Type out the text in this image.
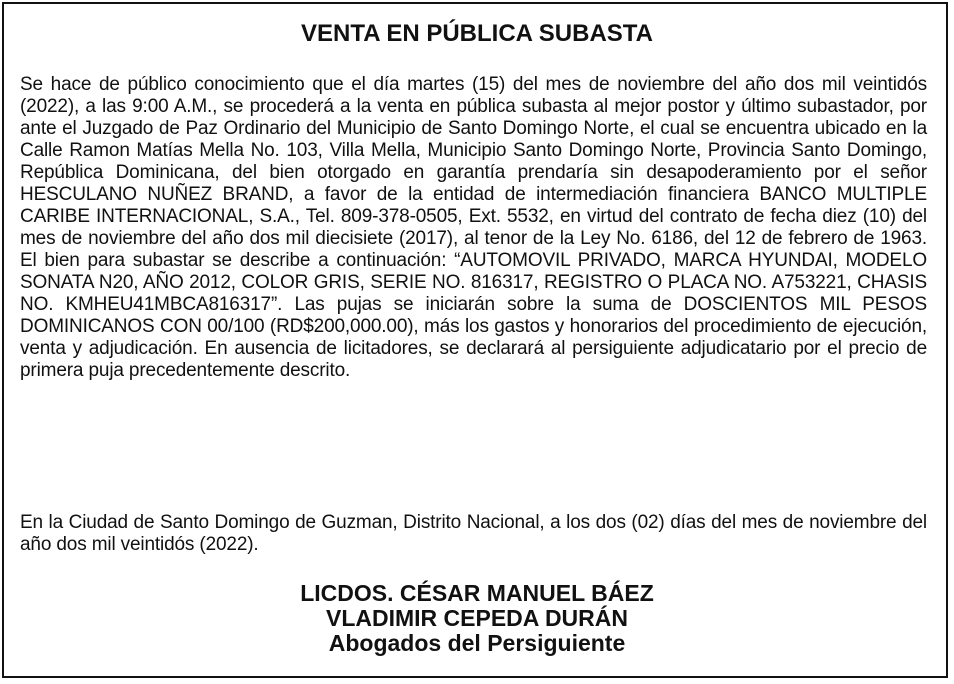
VENTA EN PÚBLICA SUBASTA
Se hace de público conocimiento que el día martes (15) del mes de noviembre del año dos mil veintidós (2022), a las 9:00 A.M., se procederá a la venta en pública subasta al mejor postor y último subastador, por ante el Juzgado de Paz Ordinario del Municipio de Santo Domingo Norte, el cual se encuentra ubicado en la Calle Ramon Matías Mella No. 103, Villa Mella, Municipio Santo Domingo Norte, Provincia Santo Domingo, República Dominicana, del bien otorgado en garantía prendaría sin desapoderamiento por el señor HESCULANO NUÑEZ BRAND, a favor de la entidad de intermediación financiera BANCO MULTIPLE CARIBE INTERNACIONAL, S.A., Tel. 809-378-0505, Ext. 5532, en virtud del contrato de fecha diez (10) del mes de noviembre del año dos mil diecisiete (2017), al tenor de la Ley No. 6186, del 12 de febrero de 1963. El bien para subastar se describe a continuación: “AUTOMOVIL PRIVADO, MARCA HYUNDAI, MODELO SONATA N20, AÑO 2012, COLOR GRIS, SERIE NO. 816317, REGISTRO O PLACA NO. A753221, CHASIS NO. KMHEU41MBCA816317”. Las pujas se iniciarán sobre la suma de DOSCIENTOS MIL PESOS DOMINICANOS CON 00/100 (RD$200,000.00), más los gastos y honorarios del procedimiento de ejecución, venta y adjudicación. En ausencia de licitadores, se declarará al persiguiente adjudicatario por el precio de primera puja precedentemente descrito.
En la Ciudad de Santo Domingo de Guzman, Distrito Nacional, a los dos (02) días del mes de noviembre del año dos mil veintidós (2022).
LICDOS. CÉSAR MANUEL BÁEZ
VLADIMIR CEPEDA DURÁN
Abogados del Persiguiente
